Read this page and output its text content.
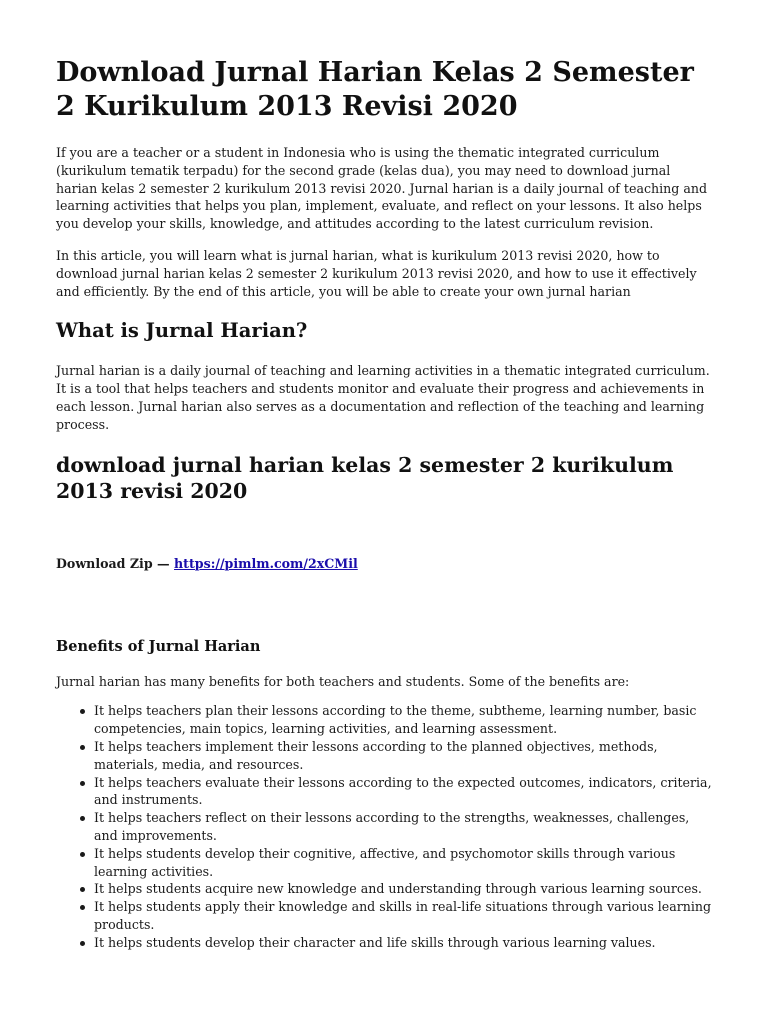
Download Jurnal Harian Kelas 2 Semester 2 Kurikulum 2013 Revisi 2020

If you are a teacher or a student in Indonesia who is using the thematic integrated curriculum (kurikulum tematik terpadu) for the second grade (kelas dua), you may need to download jurnal harian kelas 2 semester 2 kurikulum 2013 revisi 2020. Jurnal harian is a daily journal of teaching and learning activities that helps you plan, implement, evaluate, and reflect on your lessons. It also helps you develop your skills, knowledge, and attitudes according to the latest curriculum revision.

In this article, you will learn what is jurnal harian, what is kurikulum 2013 revisi 2020, how to download jurnal harian kelas 2 semester 2 kurikulum 2013 revisi 2020, and how to use it effectively and efficiently. By the end of this article, you will be able to create your own jurnal harian

What is Jurnal Harian?

Jurnal harian is a daily journal of teaching and learning activities in a thematic integrated curriculum. It is a tool that helps teachers and students monitor and evaluate their progress and achievements in each lesson. Jurnal harian also serves as a documentation and reflection of the teaching and learning process.

download jurnal harian kelas 2 semester 2 kurikulum 2013 revisi 2020
Download Zip — https://pimlm.com/2xCMil
Benefits of Jurnal Harian

Jurnal harian has many benefits for both teachers and students. Some of the benefits are:

It helps teachers plan their lessons according to the theme, subtheme, learning number, basic competencies, main topics, learning activities, and learning assessment.
It helps teachers implement their lessons according to the planned objectives, methods, materials, media, and resources.
It helps teachers evaluate their lessons according to the expected outcomes, indicators, criteria, and instruments.
It helps teachers reflect on their lessons according to the strengths, weaknesses, challenges, and improvements.
It helps students develop their cognitive, affective, and psychomotor skills through various learning activities.
It helps students acquire new knowledge and understanding through various learning sources.
It helps students apply their knowledge and skills in real-life situations through various learning products.
It helps students develop their character and life skills through various learning values.
